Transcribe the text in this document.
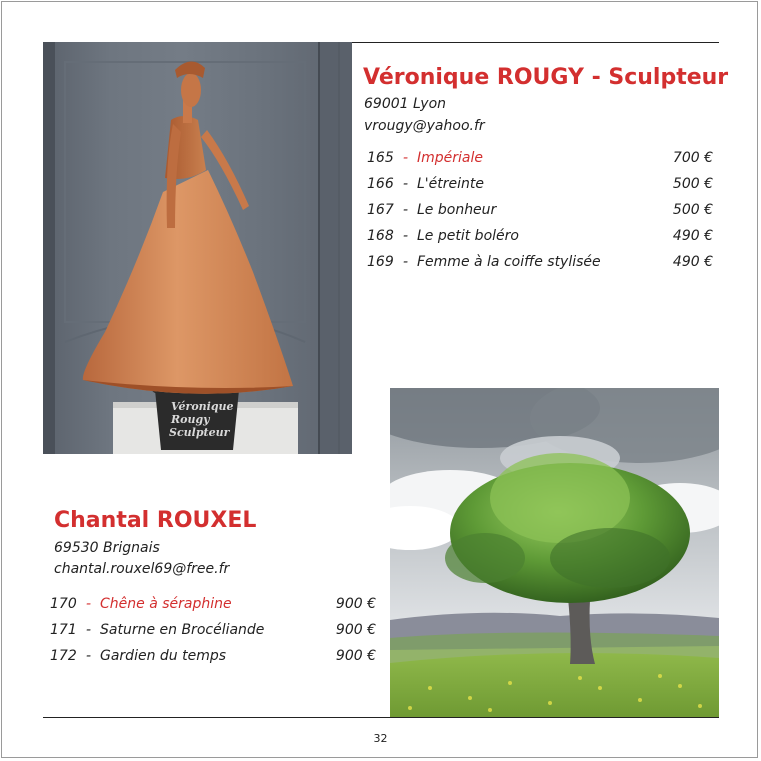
Véronique
Rougy
Sculpteur
Véronique ROUGY - Sculpteur
69001 Lyon
vrougy@yahoo.fr
165 - Impériale	700 €
166 - L'étreinte	500 €
167 - Le bonheur	500 €
168 - Le petit boléro	490 €
169 - Femme à la coiffe stylisée	490 €
Chantal ROUXEL
69530 Brignais
chantal.rouxel69@free.fr
170 - Chêne à séraphine	900 €
171 - Saturne en Brocéliande	900 €
172 - Gardien du temps	900 €
32
